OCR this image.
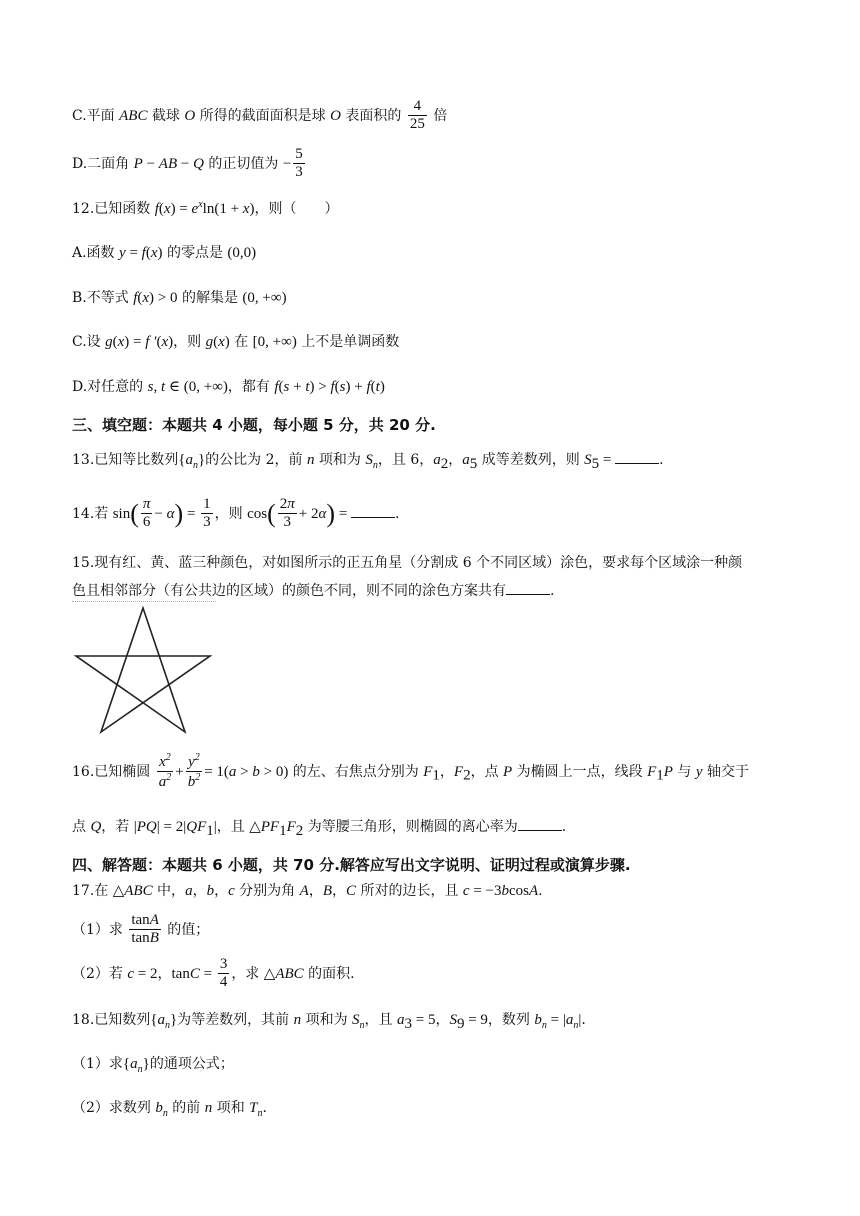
C.平面 ABC 截球 O 所得的截面面积是球 O 表面积的 $\frac{4}{25}$ 倍
D.二面角 P − AB − Q 的正切值为 − $\frac{5}{3}$
12.已知函数 $f(x) = e^x\ln(1 + x)$，则（　　）
A.函数 y = f(x) 的零点是 (0,0)
B.不等式 f(x) > 0 的解集是 (0, +∞)
C.设 g(x) = f ′(x)，则 g(x) 在 [0, +∞) 上不是单调函数
D.对任意的 s, t ∈ (0, +∞)，都有 f(s + t) > f(s) + f(t)
三、填空题：本题共 4 小题，每小题 5 分，共 20 分.
13.已知等比数列$\{a_n\}$的公比为 2，前 n 项和为 $S_n$，且 6，$a_2$，$a_5$ 成等差数列，则 $S_5$ =	.
14.若 $\sin( \frac{\pi}{6} - \alpha) = \frac{1}{3}$ ，则 $\cos( \frac{2\pi}{3} + 2\alpha)$ =	.
15.现有红、黄、蓝三种颜色，对如图所示的正五角星（分割成 6 个不同区域）涂色，要求每个区域涂一种颜
色且相邻部分（有公共边的区域）的颜色不同，则不同的涂色方案共有	.
16.已知椭圆 $\frac{x^2}{a^2} + \frac{y^2}{b^2} = 1(a > b > 0)$ 的左、右焦点分别为 $F_1$，$F_2$，点 P 为椭圆上一点，线段 $F_1P$ 与 y 轴交于
点 Q，若 $|PQ| = 2|QF_1|$，且 $\triangle PF_1F_2$ 为等腰三角形，则椭圆的离心率为	.
四、解答题：本题共 6 小题，共 70 分.解答应写出文字说明、证明过程或演算步骤.
17.在 △ABC 中，a，b，c 分别为角 A，B，C 所对的边长，且 c = −3bcosA.
（1）求 $\frac{\tan A}{\tan B}$ 的值；
（2）若 c = 2，$\tan C = \frac{3}{4}$ ，求 △ABC 的面积.
18.已知数列$\{a_n\}$为等差数列，其前 n 项和为 $S_n$，且 $a_3 = 5$，$S_9 = 9$，数列 $b_n = |a_n|$.
（1）求$\{a_n\}$的通项公式；
（2）求数列 $b_n$ 的前 n 项和 $T_n$.
